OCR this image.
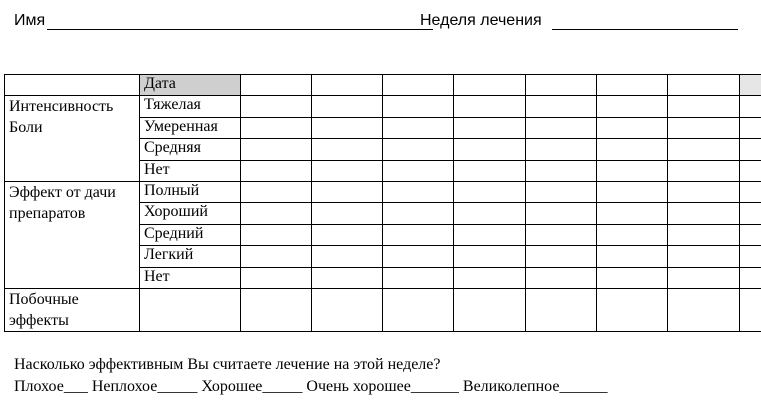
Имя	Неделя лечения
	Дата								
Интенсивность Боли	Тяжелая								
	Умеренная								
	Средняя								
	Нет								
Эффект от дачи препаратов	Полный								
	Хороший								
	Средний								
	Легкий								
	Нет								
Побочные эффекты									
Насколько эффективным Вы считаете лечение на этой неделе?
Плохое___ Неплохое_____ Хорошее_____ Очень хорошее______ Великолепное______
